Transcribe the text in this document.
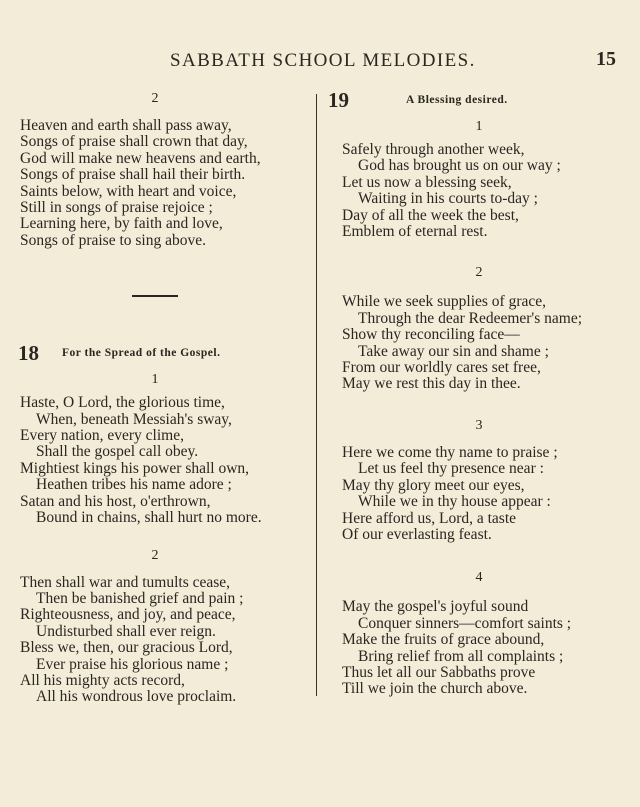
SABBATH SCHOOL MELODIES.	15
2
Heaven and earth shall pass away,
Songs of praise shall crown that day,
God will make new heavens and earth,
Songs of praise shall hail their birth.
Saints below, with heart and voice,
Still in songs of praise rejoice ;
Learning here, by faith and love,
Songs of praise to sing above.
18 For the Spread of the Gospel.
1
Haste, O Lord, the glorious time,
When, beneath Messiah's sway,
Every nation, every clime,
Shall the gospel call obey.
Mightiest kings his power shall own,
Heathen tribes his name adore ;
Satan and his host, o'erthrown,
Bound in chains, shall hurt no more.
2
Then shall war and tumults cease,
Then be banished grief and pain ;
Righteousness, and joy, and peace,
Undisturbed shall ever reign.
Bless we, then, our gracious Lord,
Ever praise his glorious name ;
All his mighty acts record,
All his wondrous love proclaim.
19	A Blessing desired.
1
Safely through another week,
God has brought us on our way ;
Let us now a blessing seek,
Waiting in his courts to-day ;
Day of all the week the best,
Emblem of eternal rest.
2
While we seek supplies of grace,
Through the dear Redeemer's name;
Show thy reconciling face—
Take away our sin and shame ;
From our worldly cares set free,
May we rest this day in thee.
3
Here we come thy name to praise ;
Let us feel thy presence near :
May thy glory meet our eyes,
While we in thy house appear :
Here afford us, Lord, a taste
Of our everlasting feast.
4
May the gospel's joyful sound
Conquer sinners—comfort saints ;
Make the fruits of grace abound,
Bring relief from all complaints ;
Thus let all our Sabbaths prove
Till we join the church above.
